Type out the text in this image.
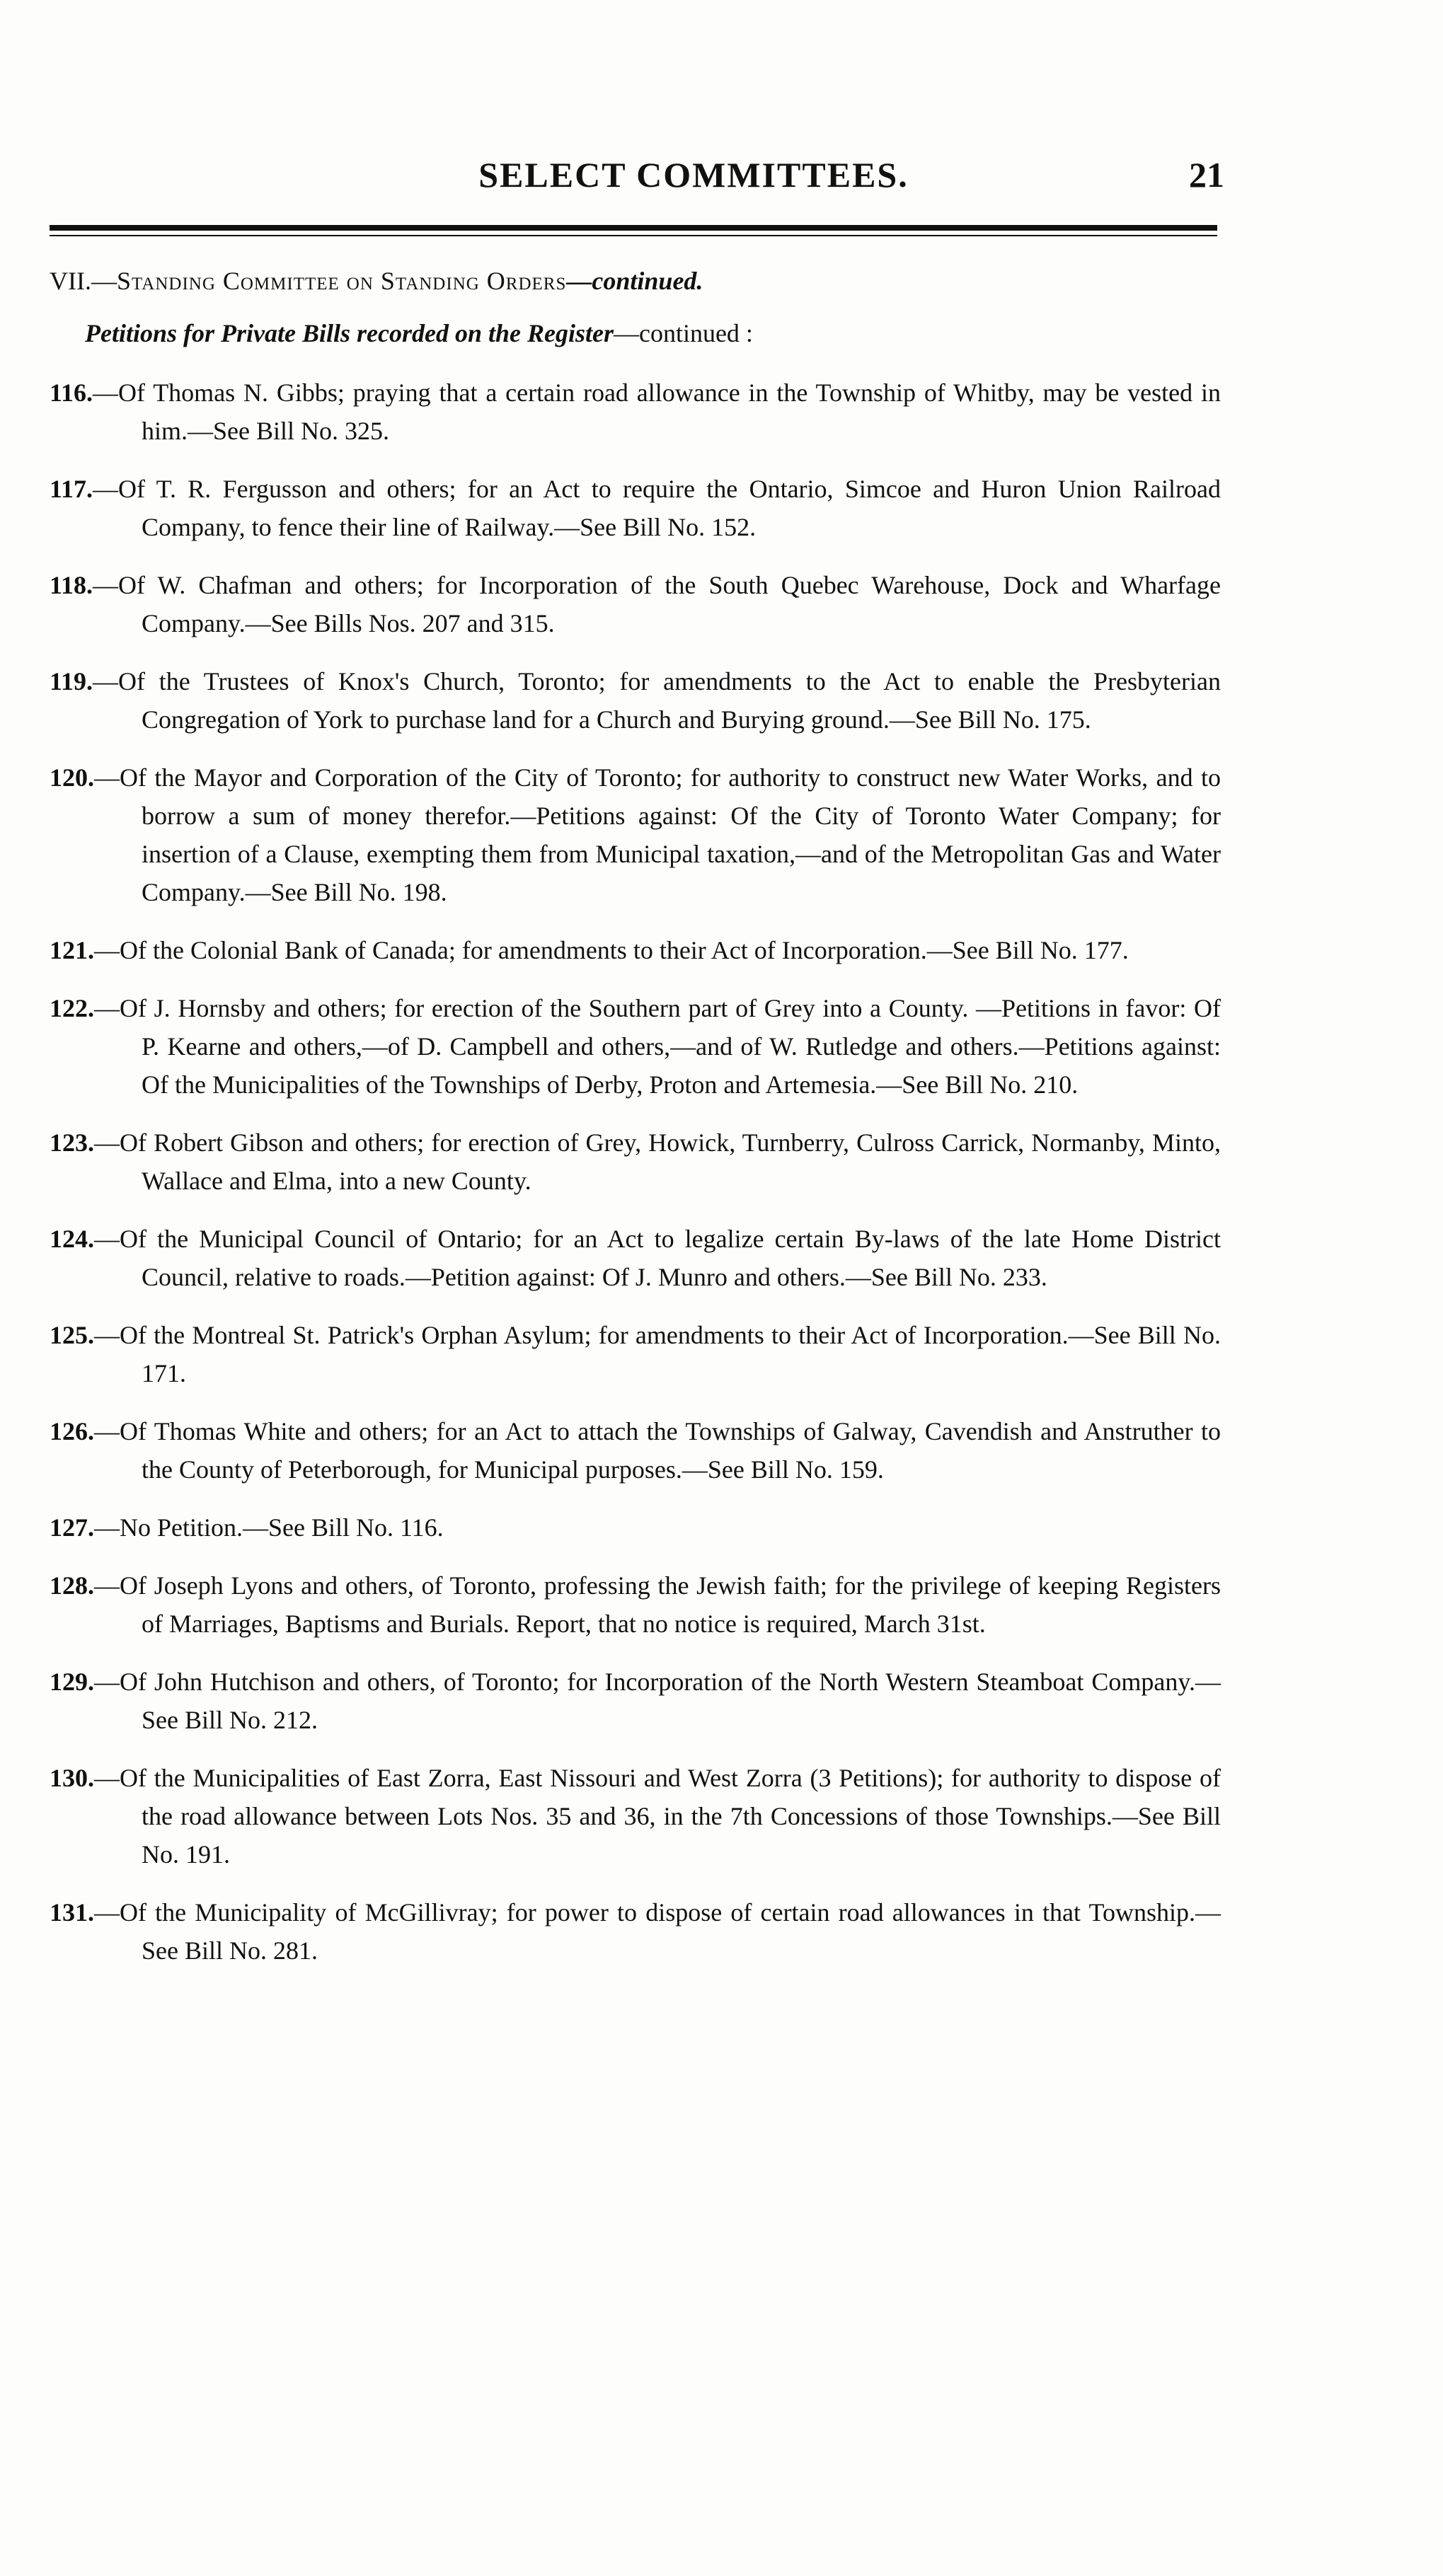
SELECT COMMITTEES.	21
VII.—Standing Committee on Standing Orders—continued.
Petitions for Private Bills recorded on the Register—continued :
116.—Of Thomas N. Gibbs; praying that a certain road allowance in the Township of Whitby, may be vested in him.—See Bill No. 325.
117.—Of T. R. Fergusson and others; for an Act to require the Ontario, Simcoe and Huron Union Railroad Company, to fence their line of Railway.—See Bill No. 152.
118.—Of W. Chafman and others; for Incorporation of the South Quebec Warehouse, Dock and Wharfage Company.—See Bills Nos. 207 and 315.
119.—Of the Trustees of Knox's Church, Toronto; for amendments to the Act to enable the Presbyterian Congregation of York to purchase land for a Church and Burying ground.—See Bill No. 175.
120.—Of the Mayor and Corporation of the City of Toronto; for authority to construct new Water Works, and to borrow a sum of money therefor.—Petitions against: Of the City of Toronto Water Company; for insertion of a Clause, exempting them from Municipal taxation,—and of the Metropolitan Gas and Water Company.—See Bill No. 198.
121.—Of the Colonial Bank of Canada; for amendments to their Act of Incorporation.—See Bill No. 177.
122.—Of J. Hornsby and others; for erection of the Southern part of Grey into a County. —Petitions in favor: Of P. Kearne and others,—of D. Campbell and others,—and of W. Rutledge and others.—Petitions against: Of the Municipalities of the Townships of Derby, Proton and Artemesia.—See Bill No. 210.
123.—Of Robert Gibson and others; for erection of Grey, Howick, Turnberry, Culross Carrick, Normanby, Minto, Wallace and Elma, into a new County.
124.—Of the Municipal Council of Ontario; for an Act to legalize certain By-laws of the late Home District Council, relative to roads.—Petition against: Of J. Munro and others.—See Bill No. 233.
125.—Of the Montreal St. Patrick's Orphan Asylum; for amendments to their Act of Incorporation.—See Bill No. 171.
126.—Of Thomas White and others; for an Act to attach the Townships of Galway, Cavendish and Anstruther to the County of Peterborough, for Municipal purposes.—See Bill No. 159.
127.—No Petition.—See Bill No. 116.
128.—Of Joseph Lyons and others, of Toronto, professing the Jewish faith; for the privilege of keeping Registers of Marriages, Baptisms and Burials. Report, that no notice is required, March 31st.
129.—Of John Hutchison and others, of Toronto; for Incorporation of the North Western Steamboat Company.—See Bill No. 212.
130.—Of the Municipalities of East Zorra, East Nissouri and West Zorra (3 Petitions); for authority to dispose of the road allowance between Lots Nos. 35 and 36, in the 7th Concessions of those Townships.—See Bill No. 191.
131.—Of the Municipality of McGillivray; for power to dispose of certain road allowances in that Township.—See Bill No. 281.
